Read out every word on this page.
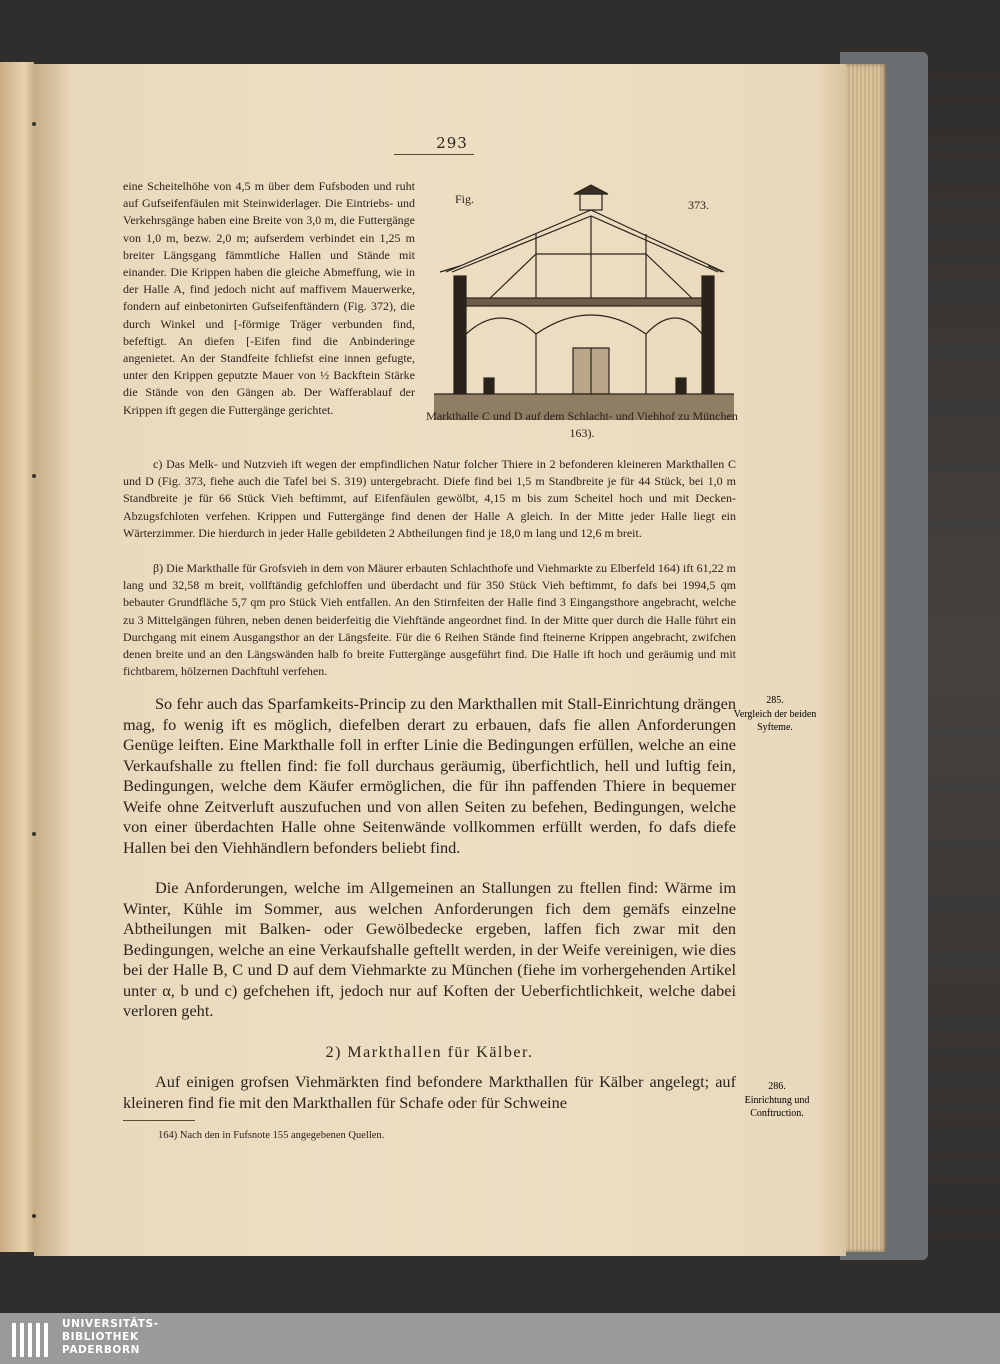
293

eine Scheitelhöhe von 4,5 m über dem Fufsboden und ruht auf Gufseifenfäulen mit Steinwiderlager. Die Eintriebs- und Verkehrsgänge haben eine Breite von 3,0 m, die Futtergänge von 1,0 m, bezw. 2,0 m; aufserdem verbindet ein 1,25 m breiter Längsgang fämmtliche Hallen und Stände mit einander. Die Krippen haben die gleiche Abmeffung, wie in der Halle A, find jedoch nicht auf maffivem Mauerwerke, fondern auf einbetonirten Gufseifenftändern (Fig. 372), die durch Winkel und [-förmige Träger verbunden find, befeftigt. An diefen [-Eifen find die Anbinderinge angenietet. An der Standfeite fchliefst eine innen gefugte, unter den Krippen geputzte Mauer von ½ Backftein Stärke die Stände von den Gängen ab. Der Wafferablauf der Krippen ift gegen die Futtergänge gerichtet.

Fig.	373.
Markthalle C und D auf dem Schlacht- und Viehhof zu München 163).

c) Das Melk- und Nutzvieh ift wegen der empfindlichen Natur folcher Thiere in 2 befonderen kleineren Markthallen C und D (Fig. 373, fiehe auch die Tafel bei S. 319) untergebracht. Diefe find bei 1,5 m Standbreite je für 44 Stück, bei 1,0 m Standbreite je für 66 Stück Vieh beftimmt, auf Eifenfäulen gewölbt, 4,15 m bis zum Scheitel hoch und mit Decken-Abzugsfchloten verfehen. Krippen und Futtergänge find denen der Halle A gleich. In der Mitte jeder Halle liegt ein Wärterzimmer. Die hierdurch in jeder Halle gebildeten 2 Abtheilungen find je 18,0 m lang und 12,6 m breit.

β) Die Markthalle für Grofsvieh in dem von Mäurer erbauten Schlachthofe und Viehmarkte zu Elberfeld 164) ift 61,22 m lang und 32,58 m breit, vollftändig gefchloffen und überdacht und für 350 Stück Vieh beftimmt, fo dafs bei 1994,5 qm bebauter Grundfläche 5,7 qm pro Stück Vieh entfallen. An den Stirnfeiten der Halle find 3 Eingangsthore angebracht, welche zu 3 Mittelgängen führen, neben denen beiderfeitig die Viehftände angeordnet find. In der Mitte quer durch die Halle führt ein Durchgang mit einem Ausgangsthor an der Längsfeite. Für die 6 Reihen Stände find fteinerne Krippen angebracht, zwifchen denen breite und an den Längswänden halb fo breite Futtergänge ausgeführt find. Die Halle ift hoch und geräumig und mit fichtbarem, hölzernen Dachftuhl verfehen.

So fehr auch das Sparfamkeits-Princip zu den Markthallen mit Stall-Einrichtung drängen mag, fo wenig ift es möglich, diefelben derart zu erbauen, dafs fie allen Anforderungen Genüge leiften. Eine Markthalle foll in erfter Linie die Bedingungen erfüllen, welche an eine Verkaufshalle zu ftellen find: fie foll durchaus geräumig, überfichtlich, hell und luftig fein, Bedingungen, welche dem Käufer ermöglichen, die für ihn paffenden Thiere in bequemer Weife ohne Zeitverluft auszufuchen und von allen Seiten zu befehen, Bedingungen, welche von einer überdachten Halle ohne Seitenwände vollkommen erfüllt werden, fo dafs diefe Hallen bei den Viehhändlern befonders beliebt find.

Die Anforderungen, welche im Allgemeinen an Stallungen zu ftellen find: Wärme im Winter, Kühle im Sommer, aus welchen Anforderungen fich dem gemäfs einzelne Abtheilungen mit Balken- oder Gewölbedecke ergeben, laffen fich zwar mit den Bedingungen, welche an eine Verkaufshalle geftellt werden, in der Weife vereinigen, wie dies bei der Halle B, C und D auf dem Viehmarkte zu München (fiehe im vorhergehenden Artikel unter α, b und c) gefchehen ift, jedoch nur auf Koften der Ueberfichtlichkeit, welche dabei verloren geht.

2) Markthallen für Kälber.

Auf einigen grofsen Viehmärkten find befondere Markthallen für Kälber angelegt; auf kleineren find fie mit den Markthallen für Schafe oder für Schweine

164) Nach den in Fufsnote 155 angegebenen Quellen.
285.
Vergleich der beiden Syfteme.
286.
Einrichtung und Conftruction.
UNIVERSITÄTS-
BIBLIOTHEK
PADERBORN
